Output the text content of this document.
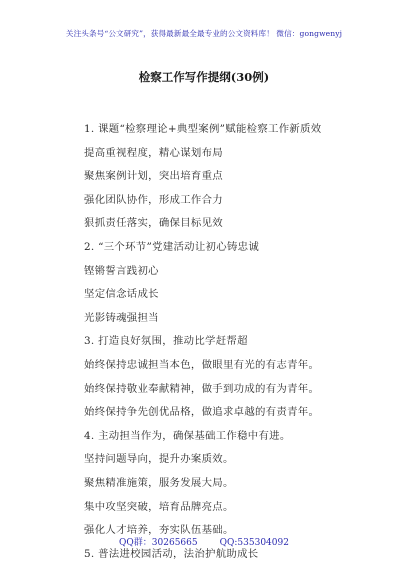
关注头条号“公文研究”，获得最新最全最专业的公文资料库！ 微信：gongwenyj
检察工作写作提纲(30例)
1. 课题“检察理论+典型案例”赋能检察工作新质效
提高重视程度，精心谋划布局
聚焦案例计划，突出培育重点
强化团队协作，形成工作合力
狠抓责任落实，确保目标见效
2. “三个环节”党建活动让初心铸忠诚
铿锵誓言践初心
坚定信念话成长
光影铸魂强担当
3. 打造良好氛围，推动比学赶帮超
始终保持忠诚担当本色，做眼里有光的有志青年。
始终保持敬业奉献精神，做手到功成的有为青年。
始终保持争先创优品格，做追求卓越的有责青年。
4. 主动担当作为，确保基础工作稳中有进。
坚持问题导向，提升办案质效。
聚焦精准施策，服务发展大局。
集中攻坚突破，培育品牌亮点。
强化人才培养，夯实队伍基础。
5. 普法进校园活动，法治护航助成长
QQ群：30265665 QQ:535304092
